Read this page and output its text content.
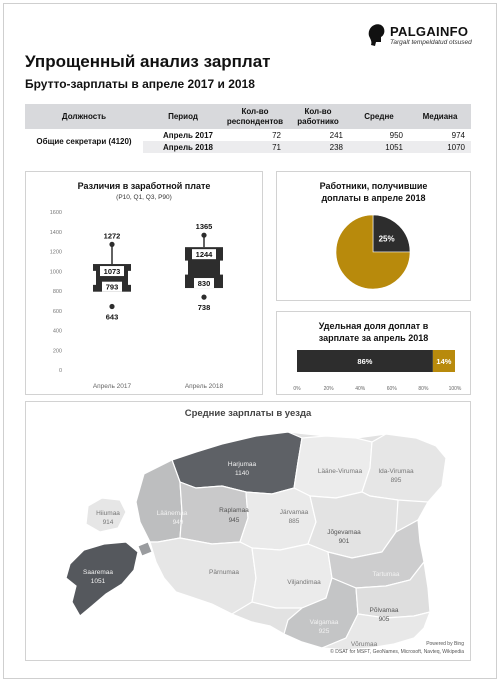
PALGAINFO
Targalt tempeldatud otsused
Упрощенный анализ зарплат
Брутто-зарплаты в апреле 2017 и 2018
Должность	Период	Кол-во респондентов	Кол-во работнико	Средне	Медиана
Общие секретари (4120)	Апрель 2017	72	241	950	974
	Апрель 2018	71	238	1051	1070
Различия в заработной плате
(P10, Q1, Q3, P90)
0
200
400
600
800
1000
1200
1400
1600
1272
1073
793
643
Апрель 2017
1365
1244
830
738
Апрель 2018
Работники, получившие доплаты в апреле 2018
25%
Удельная доля доплат в зарплате за апрель 2018
86%	14%
0%	20%	40%	60%	80%	100%
Средние зарплаты в уезда
Harjumaa
1140	Lääne-Virumaa Ida-Virumaa
895
Hiiumaa
914
Läänemaa
949
Raplamaa
945
Järvamaa
885
Jõgevamaa
901
Saaremaa
1051
Pärnumaa
Viljandimaa
Tartumaa
Põlvamaa
905
Valgamaa
925
Võrumaa	Powered by Bing
© DSAT for MSFT, GeoNames, Microsoft, Navteq, Wikipedia
